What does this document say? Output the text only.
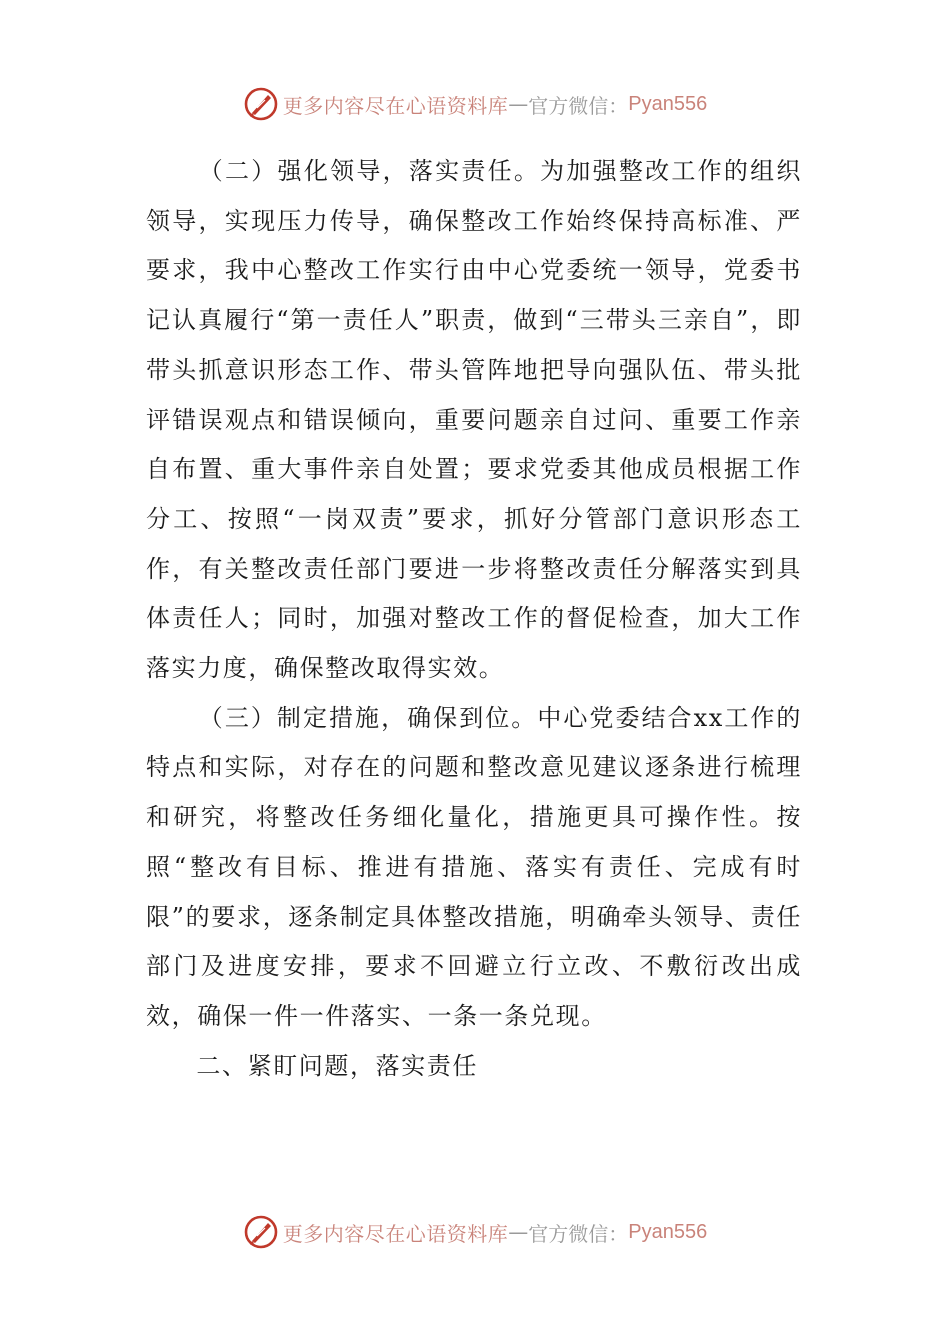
更多内容尽在心语资料库 — 官方微信： Pyan556

（二）强化领导，落实责任。为加强整改工作的组织领导，实现压力传导，确保整改工作始终保持高标准、严要求，我中心整改工作实行由中心党委统一领导，党委书记认真履行“第一责任人”职责，做到“三带头三亲自”，即带头抓意识形态工作、带头管阵地把导向强队伍、带头批评错误观点和错误倾向，重要问题亲自过问、重要工作亲自布置、重大事件亲自处置；要求党委其他成员根据工作分工、按照“一岗双责”要求，抓好分管部门意识形态工作，有关整改责任部门要进一步将整改责任分解落实到具体责任人；同时，加强对整改工作的督促检查，加大工作落实力度，确保整改取得实效。

（三）制定措施，确保到位。中心党委结合xx工作的特点和实际，对存在的问题和整改意见建议逐条进行梳理和研究，将整改任务细化量化，措施更具可操作性。按照“整改有目标、推进有措施、落实有责任、完成有时限”的要求，逐条制定具体整改措施，明确牵头领导、责任部门及进度安排，要求不回避立行立改、不敷衍改出成效，确保一件一件落实、一条一条兑现。

二、紧盯问题，落实责任

更多内容尽在心语资料库 — 官方微信： Pyan556
